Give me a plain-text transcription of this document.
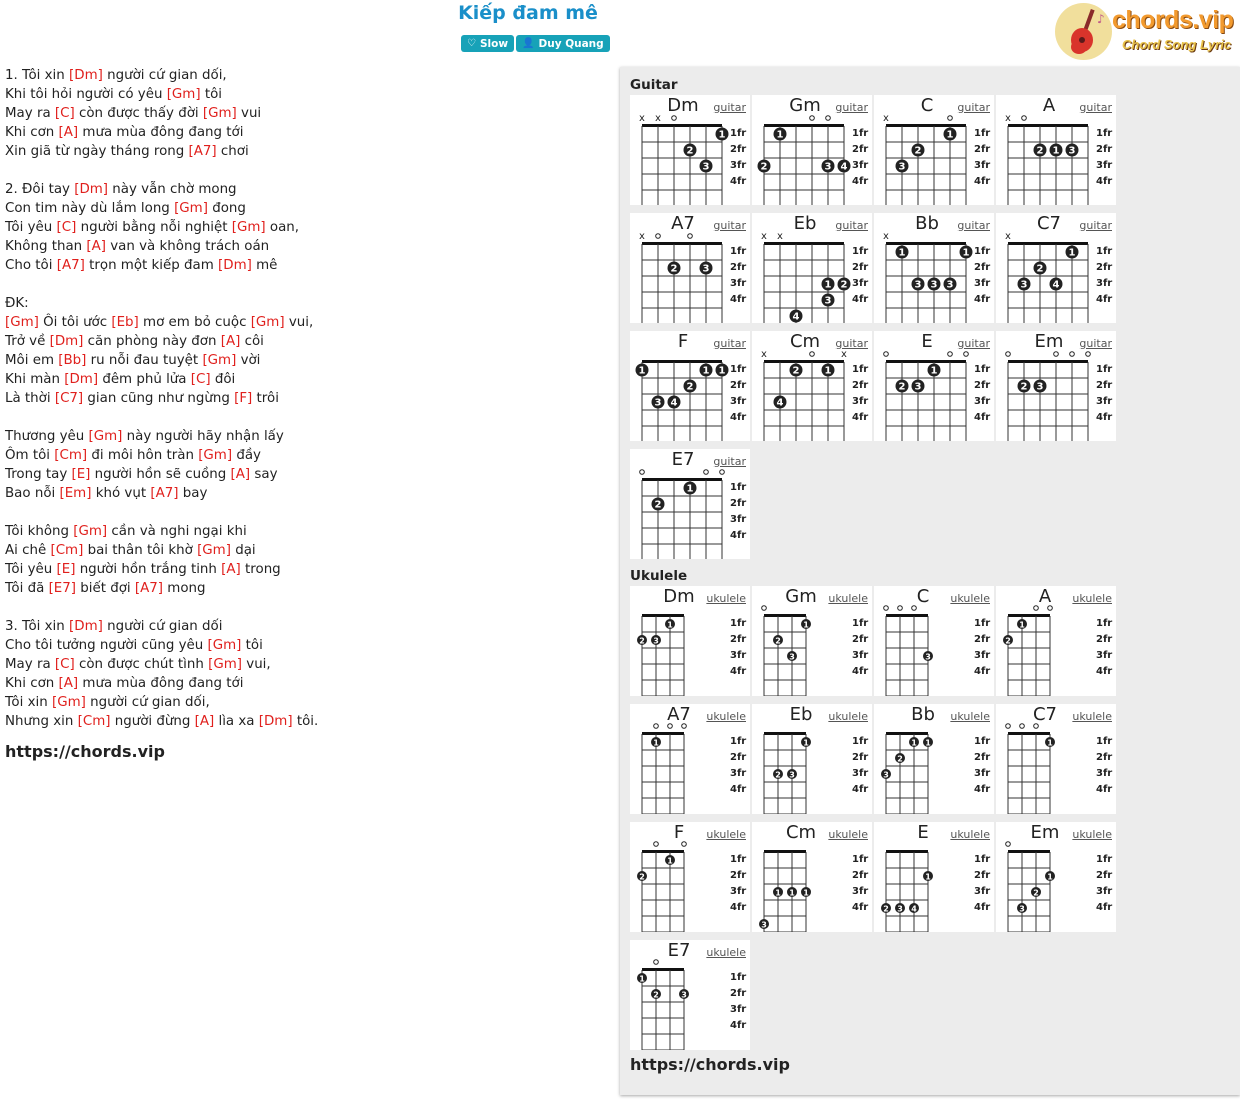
Kiếp đam mê
♡ Slow 👤 Duy Quang
♪ chords.vip
Chord Song Lyric
1. Tôi xin [Dm] người cứ gian dối,
Khi tôi hỏi người có yêu [Gm] tôi
May ra [C] còn được thấy đời [Gm] vui
Khi cơn [A] mưa mùa đông đang tới
Xin giã từ ngày tháng rong [A7] chơi
2. Đôi tay [Dm] này vẫn chờ mong
Con tim này dù lắm long [Gm] đong
Tôi yêu [C] người bằng nỗi nghiệt [Gm] oan,
Không than [A] van và không trách oán
Cho tôi [A7] trọn một kiếp đam [Dm] mê
ĐK:
[Gm] Ôi tôi ước [Eb] mơ em bỏ cuộc [Gm] vui,
Trở về [Dm] căn phòng này đơn [A] côi
Môi em [Bb] ru nỗi đau tuyệt [Gm] vời
Khi màn [Dm] đêm phủ lửa [C] đôi
Là thời [C7] gian cũng như ngừng [F] trôi
Thương yêu [Gm] này người hãy nhận lấy
Ôm tôi [Cm] đi môi hôn tràn [Gm] đầy
Trong tay [E] người hồn sẽ cuồng [A] say
Bao nỗi [Em] khó vụt [A7] bay
Tôi không [Gm] cần và nghi ngại khi
Ai chê [Cm] bai thân tôi khờ [Gm] dại
Tôi yêu [E] người hồn trắng tinh [A] trong
Tôi đã [E7] biết đợi [A7] mong
3. Tôi xin [Dm] người cứ gian dối
Cho tôi tưởng người cũng yêu [Gm] tôi
May ra [C] còn được chút tình [Gm] vui,
Khi cơn [A] mưa mùa đông đang tới
Tôi xin [Gm] người cứ gian dối,
Nhưng xin [Cm] người đừng [A] lìa xa [Dm] tôi.
https://chords.vip
Guitar
Dm	guitar
x x
1
2
3
1fr
2fr
3fr
4fr
Gm	guitar
1
2	3 4
1fr
2fr
3fr
4fr
C	guitar
x
1
2
3
1fr
2fr
3fr
4fr
A	guitar
x
2 1 3
1fr
2fr
3fr
4fr
A7	guitar
x
2	3
1fr
2fr
3fr
4fr
Eb	guitar
x x
1 2
3
4
1fr
2fr
3fr
4fr
Bb	guitar
x
1	1
3 3 3
1fr
2fr
3fr
4fr
C7	guitar
x
1
2
3	4
1fr
2fr
3fr
4fr
F	guitar
1	1 1
2
3 4
1fr
2fr
3fr
4fr
Cm	guitar
x	x
2	1
4
1fr
2fr
3fr
4fr
E	guitar
1
2 3
1fr
2fr
3fr
4fr
Em	guitar
2 3
1fr
2fr
3fr
4fr
E7	guitar
1
2
1fr
2fr
3fr
4fr
Ukulele
Dm	ukulele
1
2 3
1fr
2fr
3fr
4fr
Gm	ukulele
1
2
3
1fr
2fr
3fr
4fr
C	ukulele
3
1fr
2fr
3fr
4fr
A	ukulele
1
2
1fr
2fr
3fr
4fr
A7	ukulele
1	1fr
2fr
3fr
4fr
Eb	ukulele
1
2 3
1fr
2fr
3fr
4fr
Bb	ukulele
1 1
2
3
1fr
2fr
3fr
4fr
C7	ukulele
1	1fr
2fr
3fr
4fr
F	ukulele
1
2
1fr
2fr
3fr
4fr
Cm	ukulele
1 1 1
3
1fr
2fr
3fr
4fr
E	ukulele
1
2 3 4
1fr
2fr
3fr
4fr
Em	ukulele
1
2
3
1fr
2fr
3fr
4fr
E7	ukulele
1
2	3
1fr
2fr
3fr
4fr
https://chords.vip
